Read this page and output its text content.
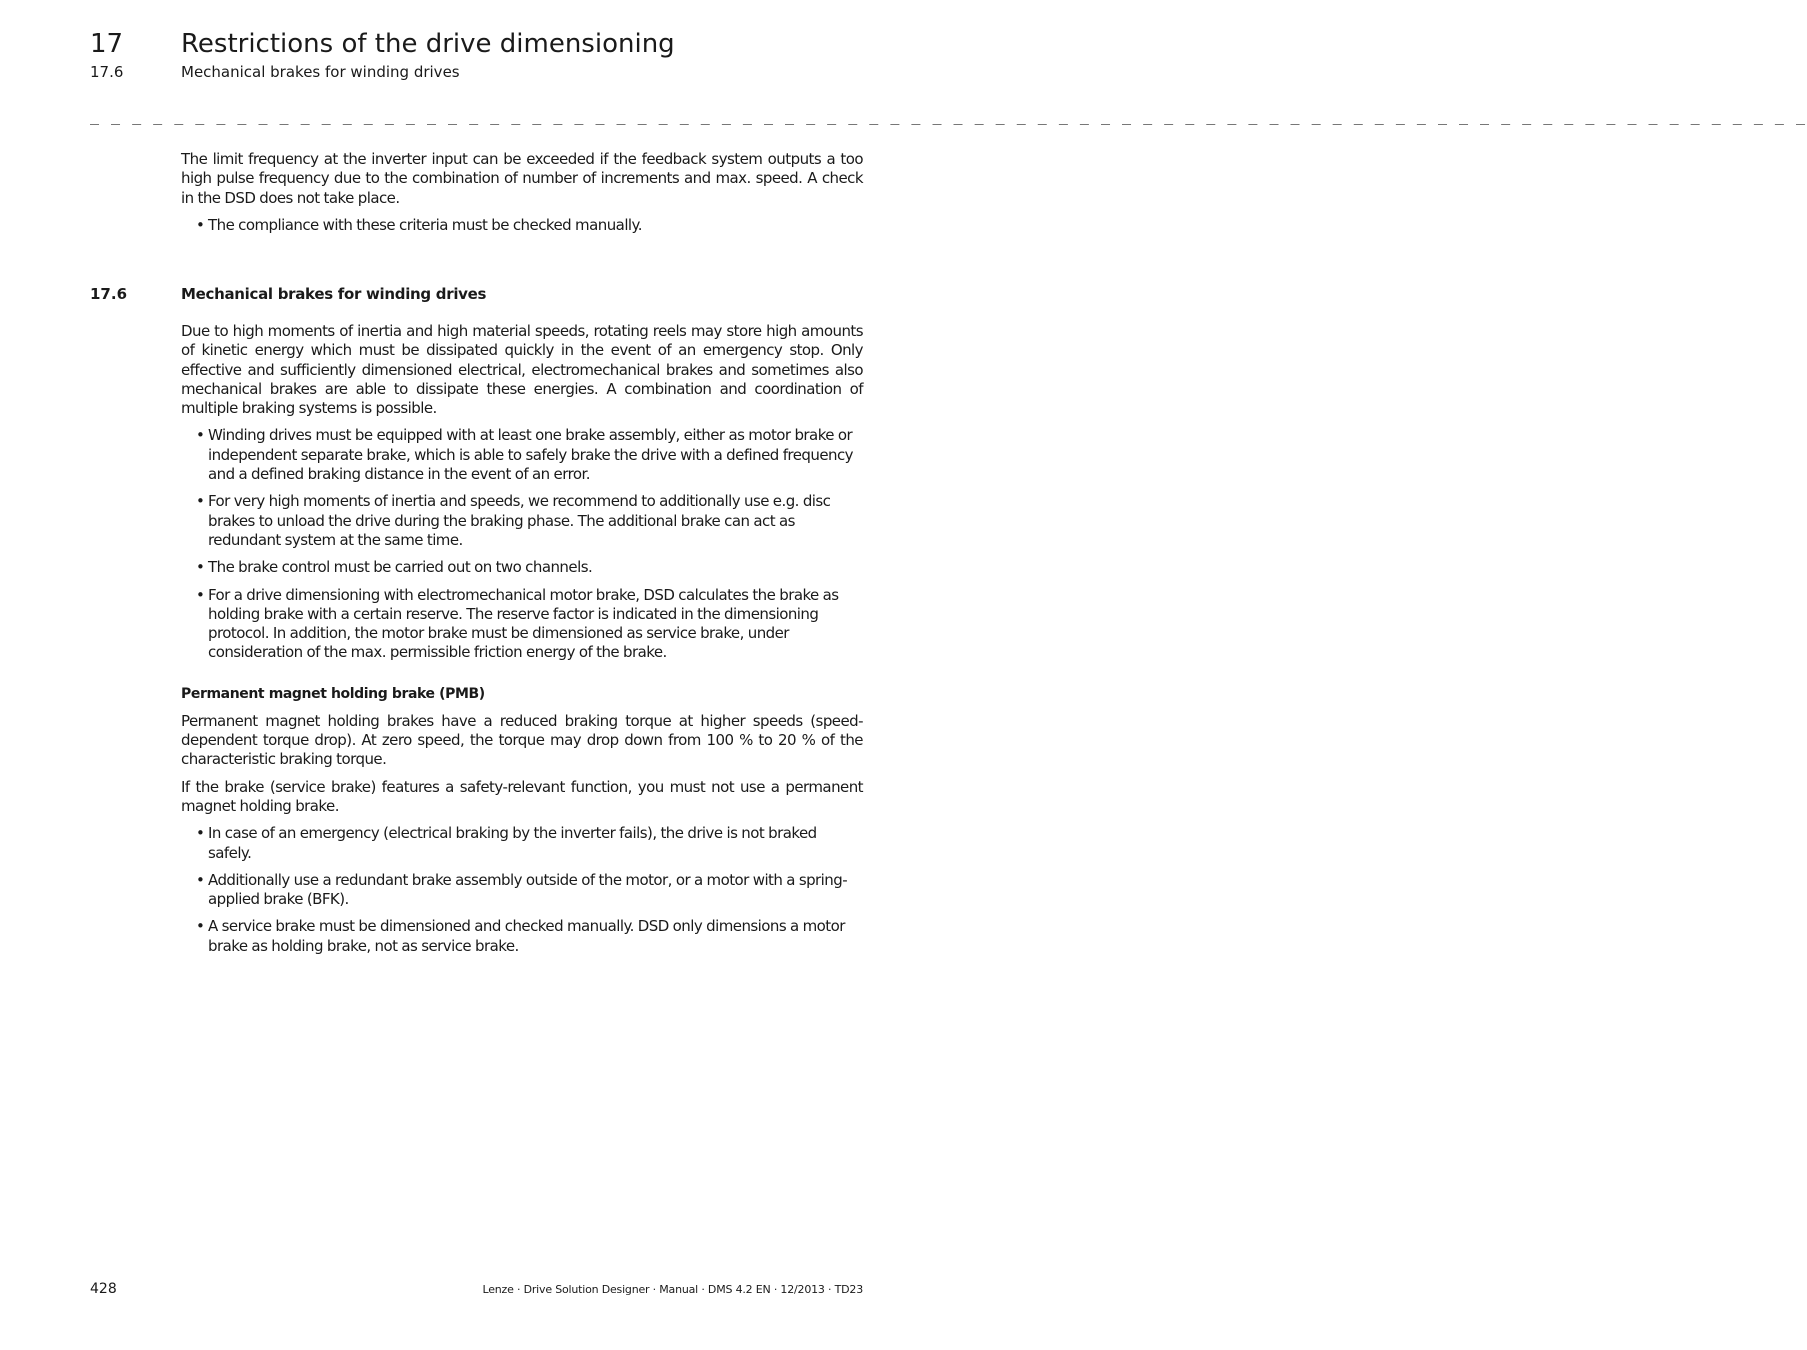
17 Restrictions of the drive dimensioning
17.6	Mechanical brakes for winding drives
_ _ _ _ _ _ _ _ _ _ _ _ _ _ _ _ _ _ _ _ _ _ _ _ _ _ _ _ _ _ _ _ _ _ _ _ _ _ _ _ _ _ _ _ _ _ _ _ _ _ _ _ _ _ _ _ _ _ _ _ _ _ _ _ _ _ _ _ _ _ _ _ _ _ _ _ _ _ _ _ _ _

The limit frequency at the inverter input can be exceeded if the feedback system outputs a too high pulse frequency due to the combination of number of increments and max. speed. A check in the DSD does not take place.

• The compliance with these criteria must be checked manually.
17.6	Mechanical brakes for winding drives

Due to high moments of inertia and high material speeds, rotating reels may store high amounts of kinetic energy which must be dissipated quickly in the event of an emergency stop. Only effective and sufficiently dimensioned electrical, electromechanical brakes and sometimes also mechanical brakes are able to dissipate these energies. A combination and coordination of multiple braking systems is possible.

• Winding drives must be equipped with at least one brake assembly, either as motor brake or independent separate brake, which is able to safely brake the drive with a defined frequency and a defined braking distance in the event of an error.
• For very high moments of inertia and speeds, we recommend to additionally use e.g. disc brakes to unload the drive during the braking phase. The additional brake can act as redundant system at the same time.
• The brake control must be carried out on two channels.
• For a drive dimensioning with electromechanical motor brake, DSD calculates the brake as holding brake with a certain reserve. The reserve factor is indicated in the dimensioning protocol. In addition, the motor brake must be dimensioned as service brake, under consideration of the max. permissible friction energy of the brake.
Permanent magnet holding brake (PMB)

Permanent magnet holding brakes have a reduced braking torque at higher speeds (speed-dependent torque drop). At zero speed, the torque may drop down from 100 % to 20 % of the characteristic braking torque.

If the brake (service brake) features a safety-relevant function, you must not use a permanent magnet holding brake.

• In case of an emergency (electrical braking by the inverter fails), the drive is not braked safely.
• Additionally use a redundant brake assembly outside of the motor, or a motor with a spring-applied brake (BFK).
• A service brake must be dimensioned and checked manually. DSD only dimensions a motor brake as holding brake, not as service brake.
428	Lenze · Drive Solution Designer · Manual · DMS 4.2 EN · 12/2013 · TD23
